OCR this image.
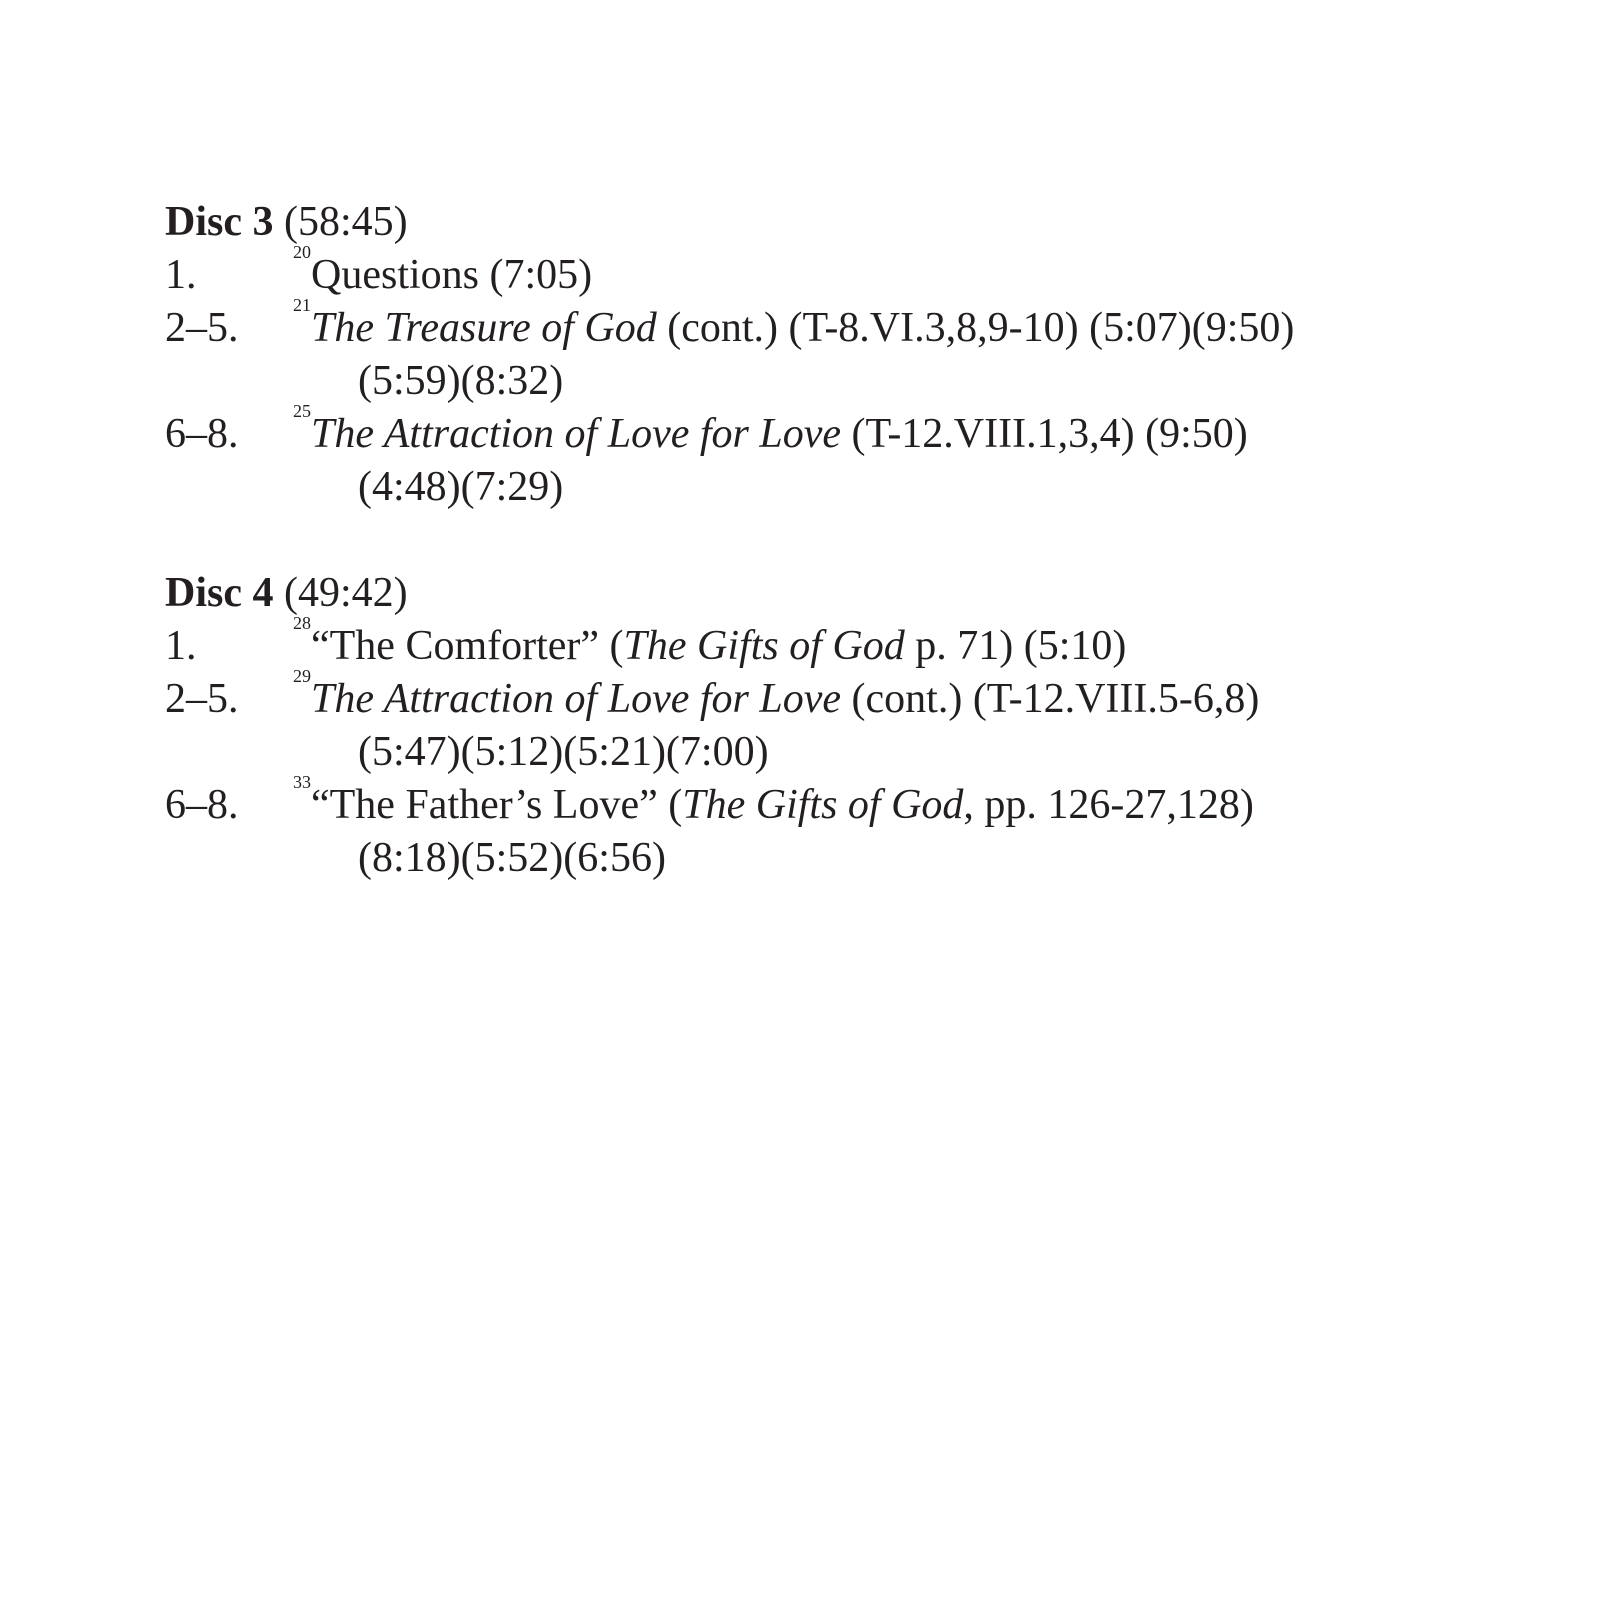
Disc 3 (58:45)
1.	$^{20}$Questions (7:05)
2–5.	$^{21}$The Treasure of God (cont.) (T-8.VI.3,8,9-10) (5:07)(9:50)
(5:59)(8:32)
6–8.	$^{25}$The Attraction of Love for Love (T-12.VIII.1,3,4) (9:50)
(4:48)(7:29)
Disc 4 (49:42)
1.	$^{28}$“The Comforter” (The Gifts of God p. 71) (5:10)
2–5.	$^{29}$The Attraction of Love for Love (cont.) (T-12.VIII.5-6,8)
(5:47)(5:12)(5:21)(7:00)
6–8.	$^{33}$“The Father’s Love” (The Gifts of God, pp. 126-27,128)
(8:18)(5:52)(6:56)
